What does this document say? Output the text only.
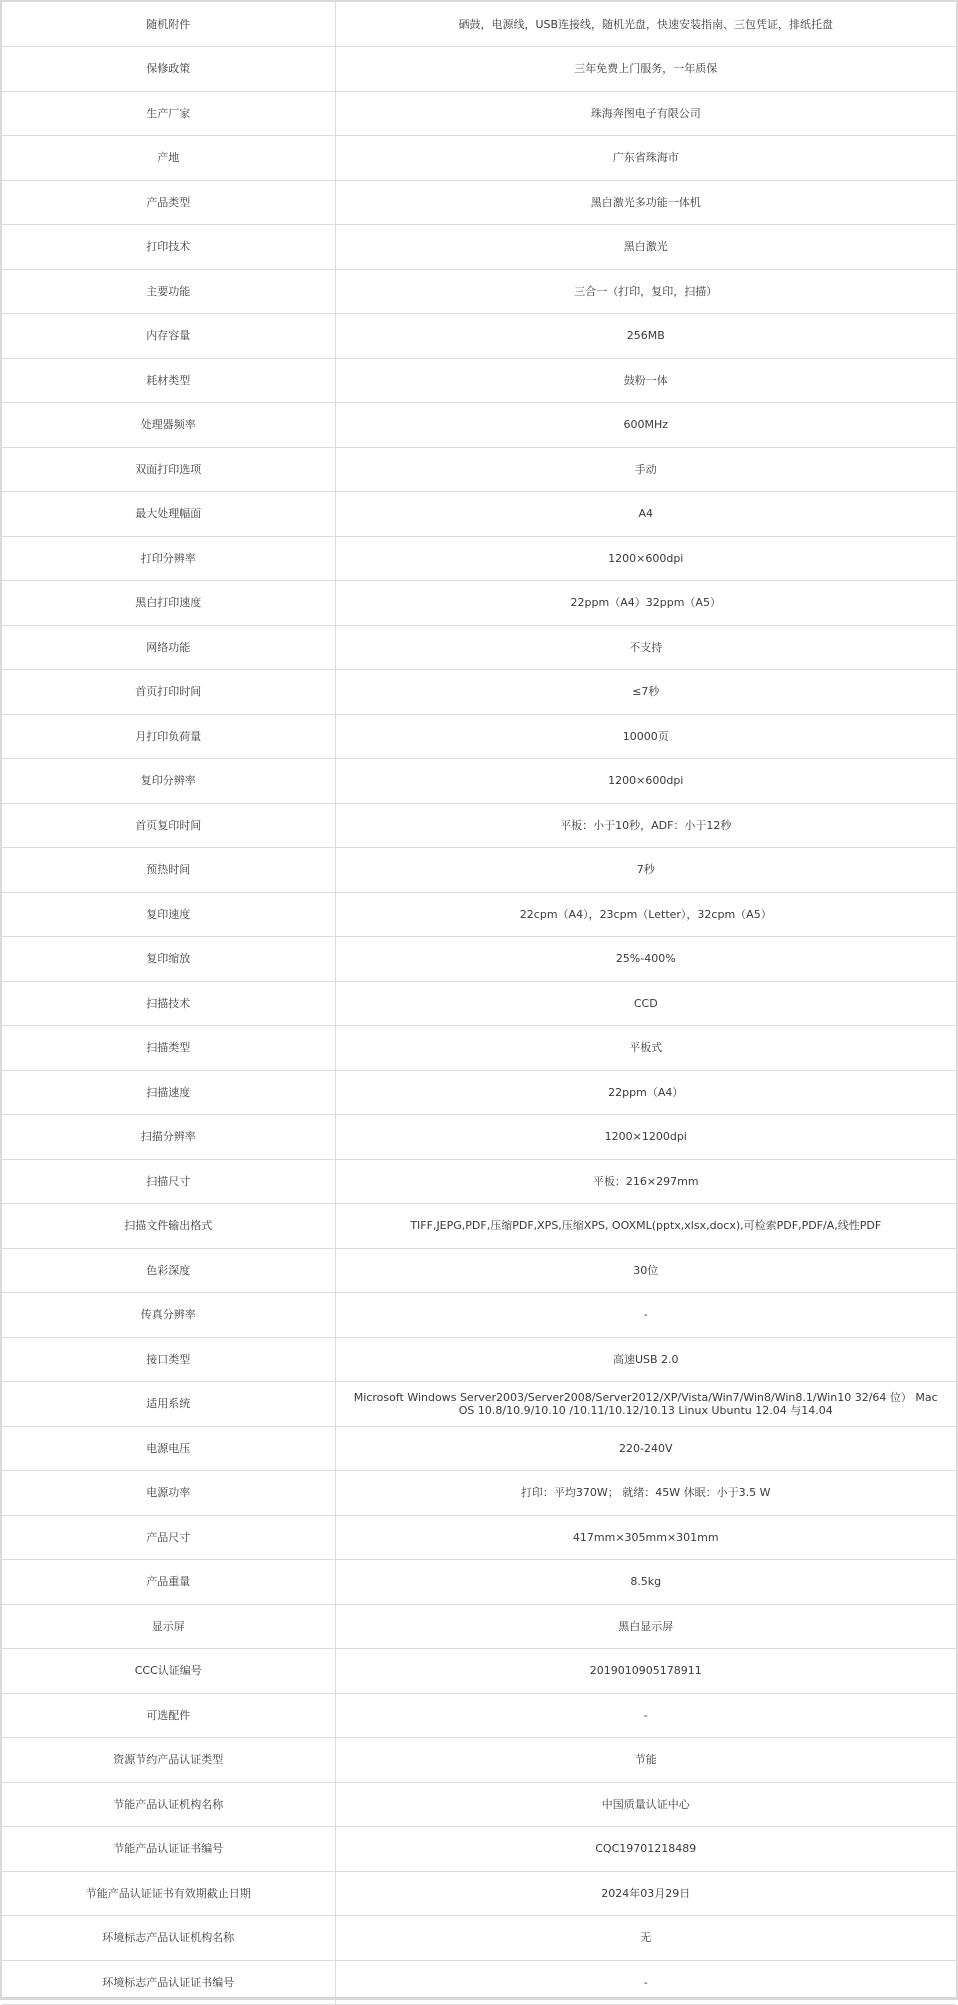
随机附件	硒鼓，电源线，USB连接线，随机光盘，快速安装指南、三包凭证，排纸托盘
保修政策	三年免费上门服务，一年质保
生产厂家	珠海奔图电子有限公司
产地	广东省珠海市
产品类型	黑白激光多功能一体机
打印技术	黑白激光
主要功能	三合一（打印，复印，扫描）
内存容量	256MB
耗材类型	鼓粉一体
处理器频率	600MHz
双面打印选项	手动
最大处理幅面	A4
打印分辨率	1200×600dpi
黑白打印速度	22ppm（A4）32ppm（A5）
网络功能	不支持
首页打印时间	≤7秒
月打印负荷量	10000页
复印分辨率	1200×600dpi
首页复印时间	平板：小于10秒，ADF：小于12秒
预热时间	7秒
复印速度	22cpm（A4），23cpm（Letter），32cpm（A5）
复印缩放	25%-400%
扫描技术	CCD
扫描类型	平板式
扫描速度	22ppm（A4）
扫描分辨率	1200×1200dpi
扫描尺寸	平板：216×297mm
扫描文件输出格式	TIFF,JEPG,PDF,压缩PDF,XPS,压缩XPS, OOXML(pptx,xlsx,docx),可检索PDF,PDF/A,线性PDF
色彩深度	30位
传真分辨率	-
接口类型	高速USB 2.0
适用系统	Microsoft Windows Server2003/Server2008/Server2012/XP/Vista/Win7/Win8/Win8.1/Win10 32/64 位） Mac OS 10.8/10.9/10.10 /10.11/10.12/10.13 Linux Ubuntu 12.04 与14.04
电源电压	220-240V
电源功率	打印：平均370W； 就绪：45W 休眠：小于3.5 W
产品尺寸	417mm×305mm×301mm
产品重量	8.5kg
显示屏	黑白显示屏
CCC认证编号	2019010905178911
可选配件	-
资源节约产品认证类型	节能
节能产品认证机构名称	中国质量认证中心
节能产品认证证书编号	CQC19701218489
节能产品认证证书有效期截止日期	2024年03月29日
环境标志产品认证机构名称	无
环境标志产品认证证书编号	-
